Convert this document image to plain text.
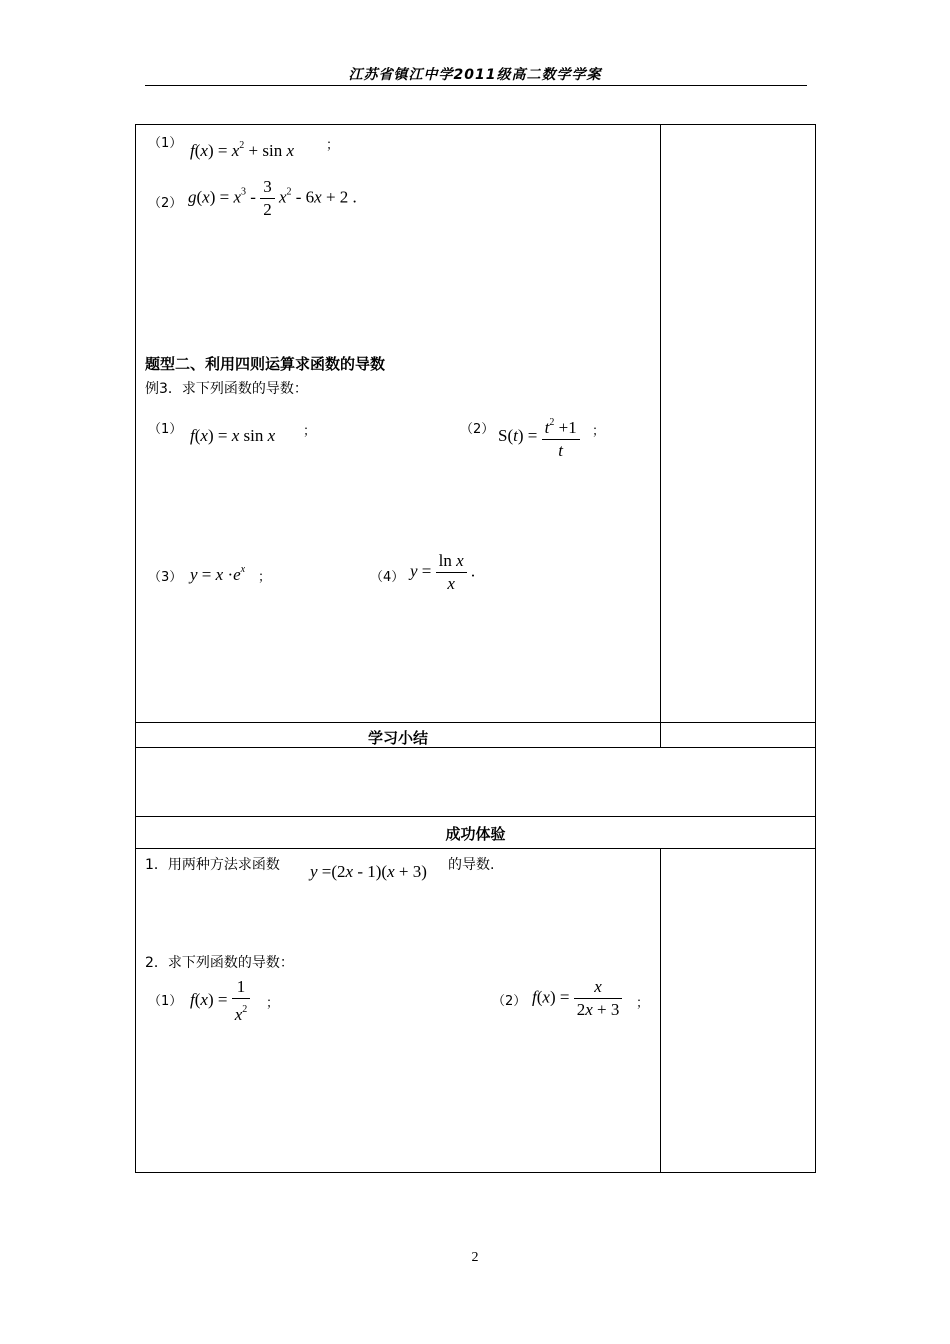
江苏省镇江中学2011级高二数学学案
（1） $f(x) = x^2 + \sin x$ ；
（2） $g(x) = x^3 - \frac{3}{2} x^2 - 6x + 2$ .
题型二、利用四则运算求函数的导数
例3．求下列函数的导数：
（1） f(x) = x sin x ；	（2） $S(t) = \frac{t^2 +1}{t}$ ；
（3） $y = x \cdot e^x$
；	（4） $y = \frac{\text{ln x}}{x}$ .
学习小结
成功体验
1．用两种方法求函数 y =(2x - 1)(x + 3) 的导数.
2．求下列函数的导数：
（1） $f(x) = \frac{1}{x^2}$ ；	（2） $f(x) = \frac{x}{2x + 3}$ ；
2
